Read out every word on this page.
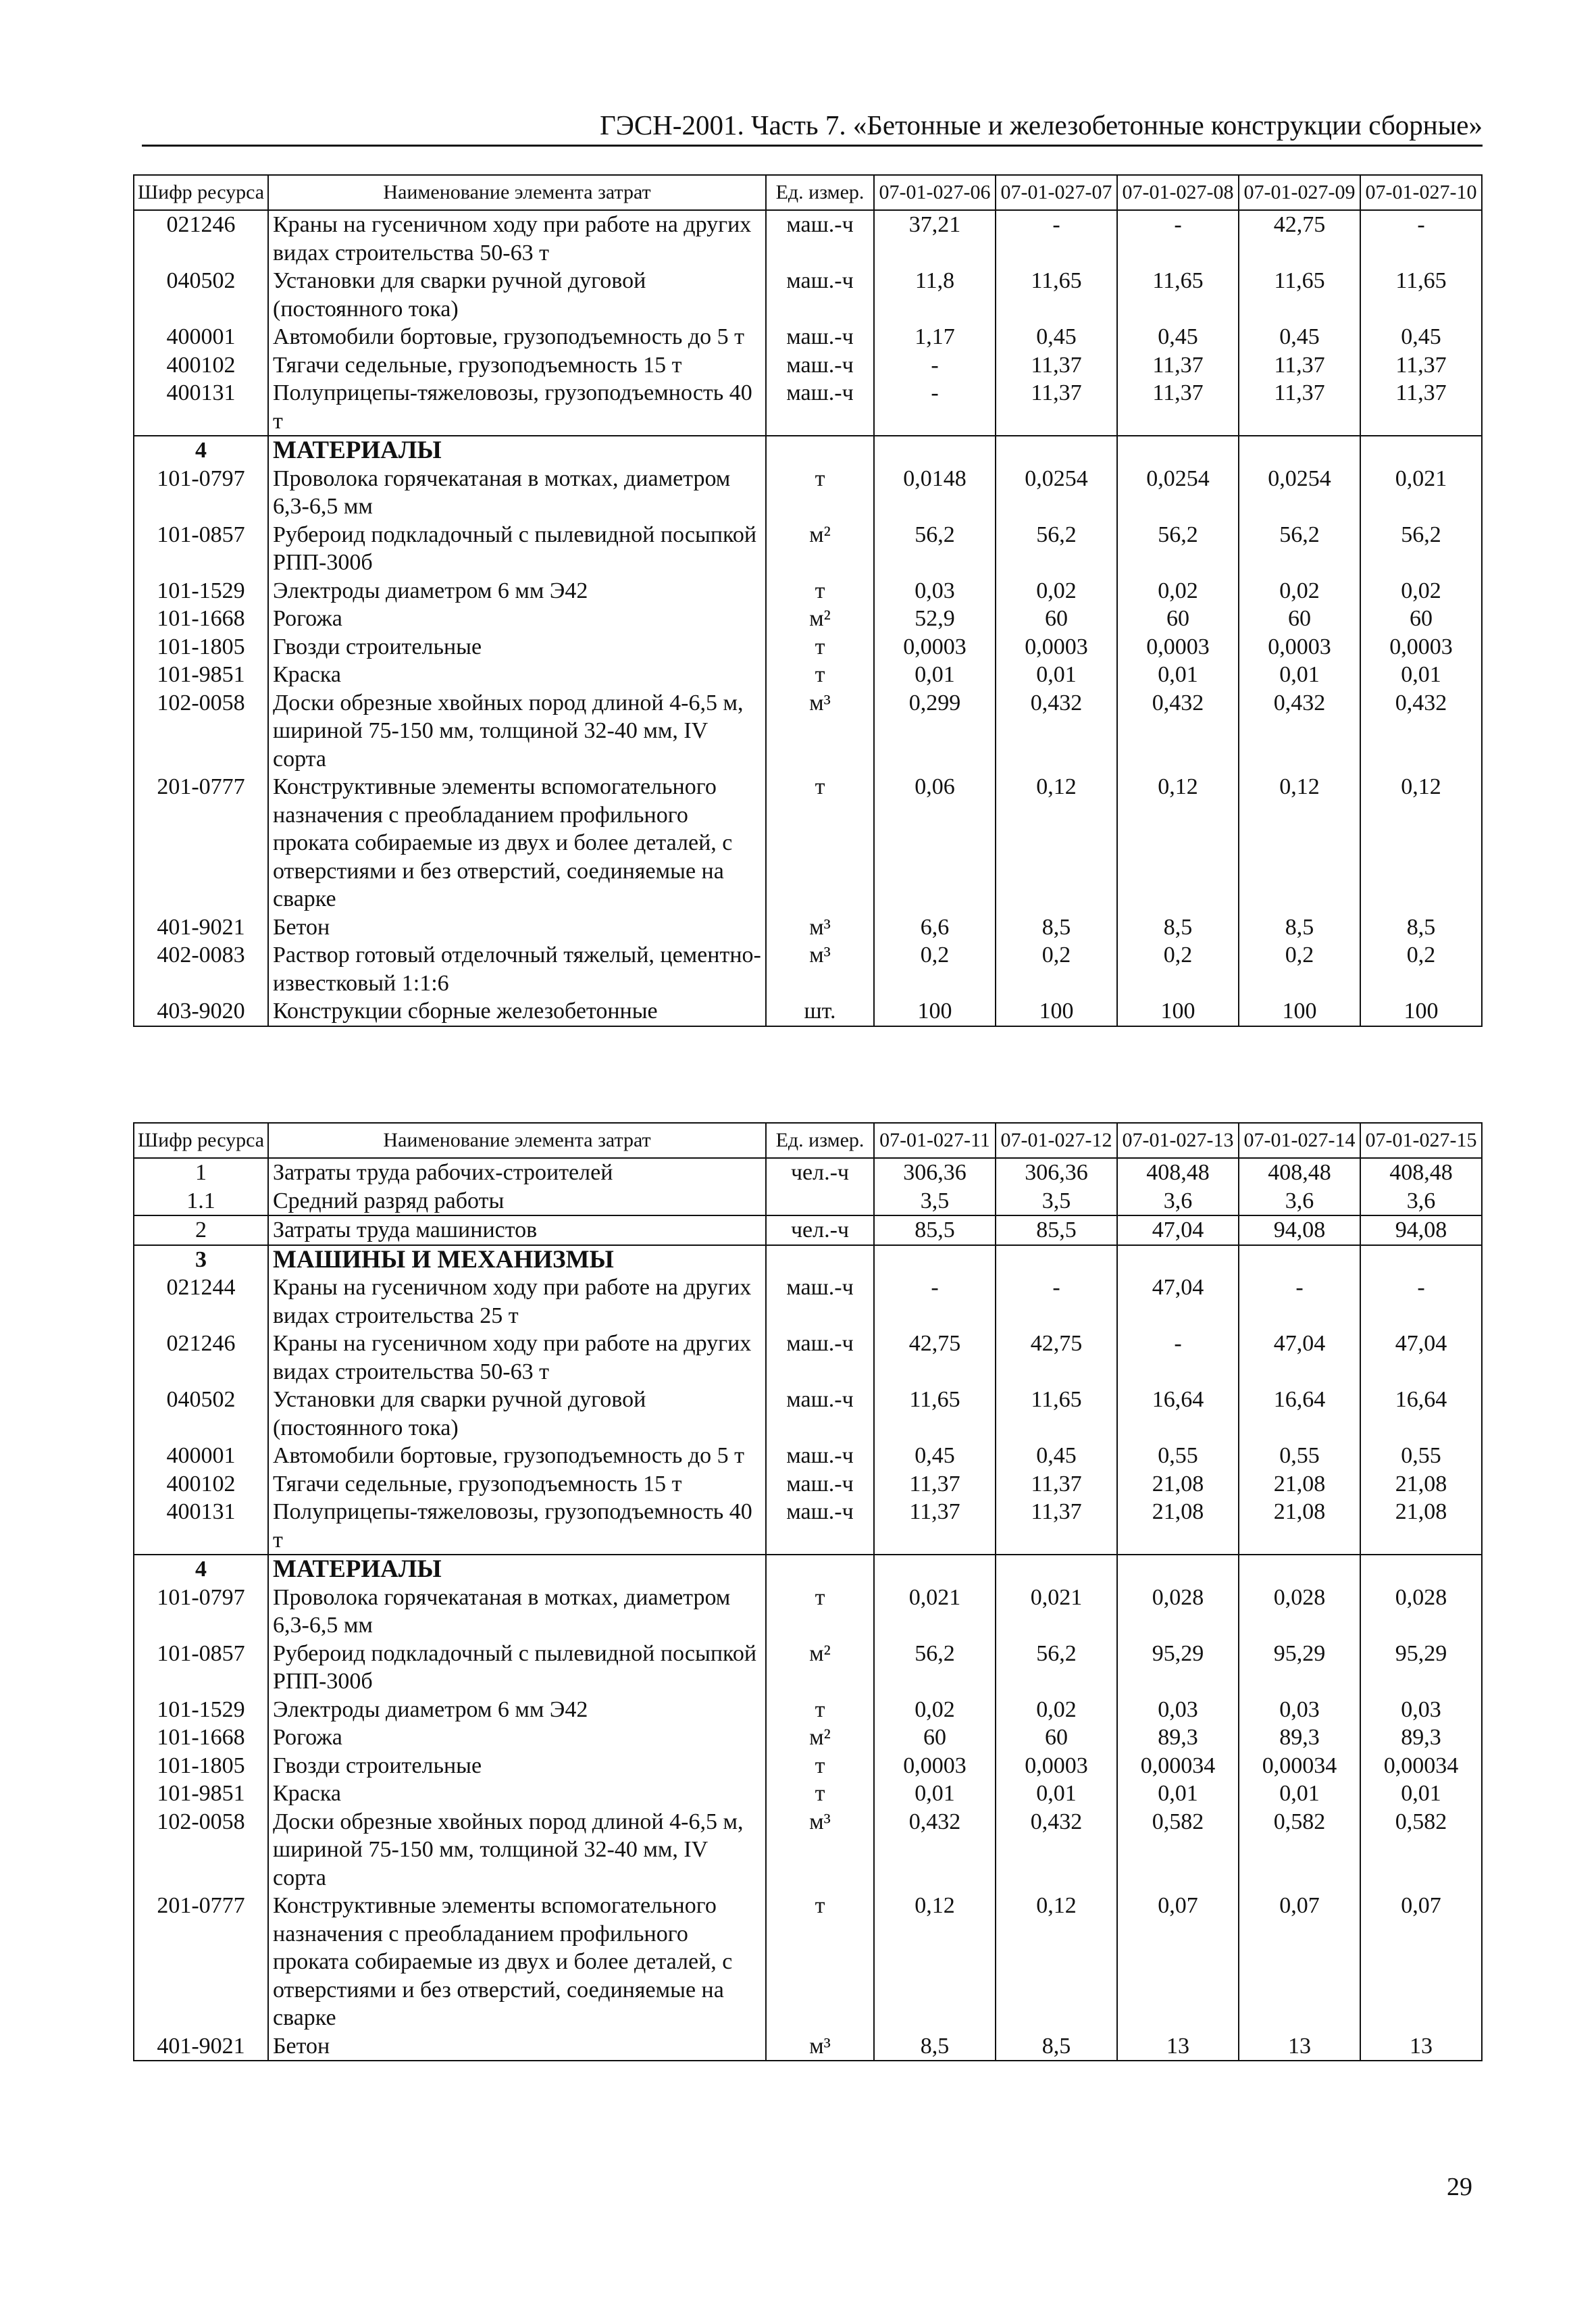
ГЭСН-2001. Часть 7. «Бетонные и железобетонные конструкции сборные»
Шифр ресурса	Наименование элемента затрат	Ед. измер.	07-01-027-06	07-01-027-07	07-01-027-08	07-01-027-09	07-01-027-10
021246	Краны на гусеничном ходу при работе на других видах строительства 50-63 т	маш.-ч	37,21	-	-	42,75	-
040502	Установки для сварки ручной дуговой (постоянного тока)	маш.-ч	11,8	11,65	11,65	11,65	11,65
400001	Автомобили бортовые, грузоподъемность до 5 т	маш.-ч	1,17	0,45	0,45	0,45	0,45
400102	Тягачи седельные, грузоподъемность 15 т	маш.-ч	-	11,37	11,37	11,37	11,37
400131	Полуприцепы-тяжеловозы, грузоподъемность 40 т	маш.-ч	-	11,37	11,37	11,37	11,37
4	МАТЕРИАЛЫ						
101-0797	Проволока горячекатаная в мотках, диаметром 6,3-6,5 мм	т	0,0148	0,0254	0,0254	0,0254	0,021
101-0857	Рубероид подкладочный с пылевидной посыпкой РПП-300б	м²	56,2	56,2	56,2	56,2	56,2
101-1529	Электроды диаметром 6 мм Э42	т	0,03	0,02	0,02	0,02	0,02
101-1668	Рогожа	м²	52,9	60	60	60	60
101-1805	Гвозди строительные	т	0,0003	0,0003	0,0003	0,0003	0,0003
101-9851	Краска	т	0,01	0,01	0,01	0,01	0,01
102-0058	Доски обрезные хвойных пород длиной 4-6,5 м, шириной 75-150 мм, толщиной 32-40 мм, IV сорта	м³	0,299	0,432	0,432	0,432	0,432
201-0777	Конструктивные элементы вспомогательного назначения с преобладанием профильного проката собираемые из двух и более деталей, с отверстиями и без отверстий, соединяемые на сварке	т	0,06	0,12	0,12	0,12	0,12
401-9021	Бетон	м³	6,6	8,5	8,5	8,5	8,5
402-0083	Раствор готовый отделочный тяжелый, цементно-известковый 1:1:6	м³	0,2	0,2	0,2	0,2	0,2
403-9020	Конструкции сборные железобетонные	шт.	100	100	100	100	100
Шифр ресурса	Наименование элемента затрат	Ед. измер.	07-01-027-11	07-01-027-12	07-01-027-13	07-01-027-14	07-01-027-15
1	Затраты труда рабочих-строителей	чел.-ч	306,36	306,36	408,48	408,48	408,48
1.1	Средний разряд работы		3,5	3,5	3,6	3,6	3,6
2	Затраты труда машинистов	чел.-ч	85,5	85,5	47,04	94,08	94,08
3	МАШИНЫ И МЕХАНИЗМЫ						
021244	Краны на гусеничном ходу при работе на других видах строительства 25 т	маш.-ч	-	-	47,04	-	-
021246	Краны на гусеничном ходу при работе на других видах строительства 50-63 т	маш.-ч	42,75	42,75	-	47,04	47,04
040502	Установки для сварки ручной дуговой (постоянного тока)	маш.-ч	11,65	11,65	16,64	16,64	16,64
400001	Автомобили бортовые, грузоподъемность до 5 т	маш.-ч	0,45	0,45	0,55	0,55	0,55
400102	Тягачи седельные, грузоподъемность 15 т	маш.-ч	11,37	11,37	21,08	21,08	21,08
400131	Полуприцепы-тяжеловозы, грузоподъемность 40 т	маш.-ч	11,37	11,37	21,08	21,08	21,08
4	МАТЕРИАЛЫ						
101-0797	Проволока горячекатаная в мотках, диаметром 6,3-6,5 мм	т	0,021	0,021	0,028	0,028	0,028
101-0857	Рубероид подкладочный с пылевидной посыпкой РПП-300б	м²	56,2	56,2	95,29	95,29	95,29
101-1529	Электроды диаметром 6 мм Э42	т	0,02	0,02	0,03	0,03	0,03
101-1668	Рогожа	м²	60	60	89,3	89,3	89,3
101-1805	Гвозди строительные	т	0,0003	0,0003	0,00034	0,00034	0,00034
101-9851	Краска	т	0,01	0,01	0,01	0,01	0,01
102-0058	Доски обрезные хвойных пород длиной 4-6,5 м, шириной 75-150 мм, толщиной 32-40 мм, IV сорта	м³	0,432	0,432	0,582	0,582	0,582
201-0777	Конструктивные элементы вспомогательного назначения с преобладанием профильного проката собираемые из двух и более деталей, с отверстиями и без отверстий, соединяемые на сварке	т	0,12	0,12	0,07	0,07	0,07
401-9021	Бетон	м³	8,5	8,5	13	13	13
29
